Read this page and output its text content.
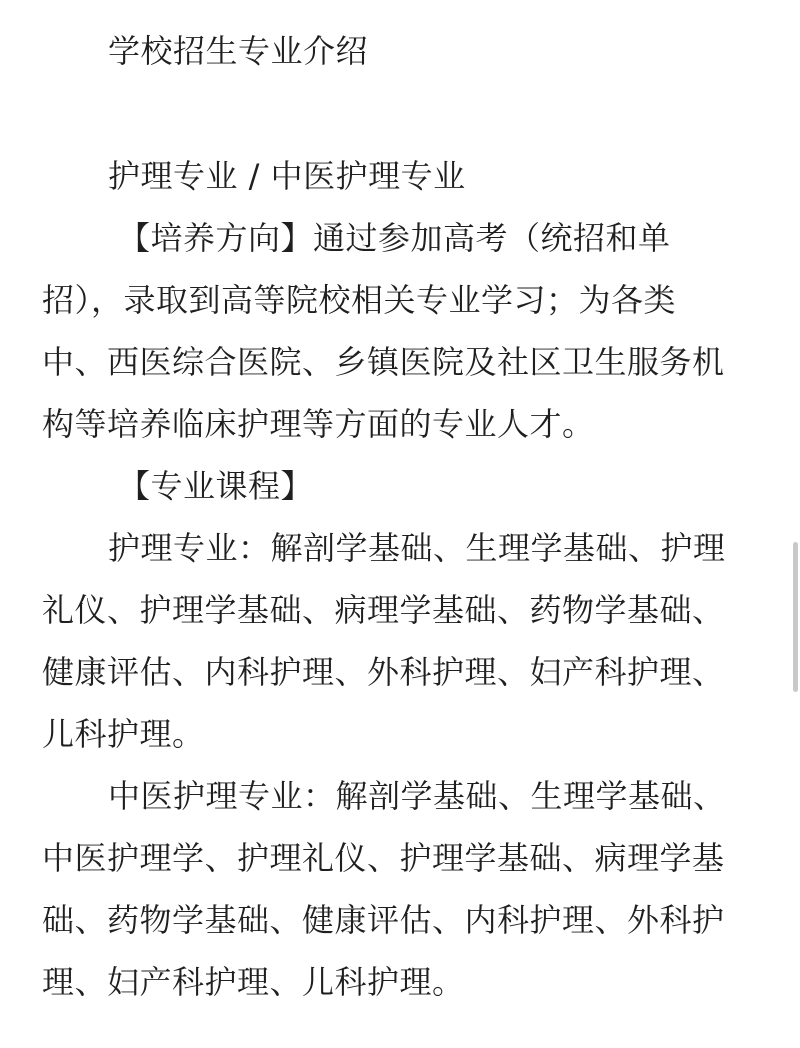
学校招生专业介绍
护理专业 / 中医护理专业
【培养方向】通过参加高考（统招和单
招），录取到高等院校相关专业学习；为各类
中、西医综合医院、乡镇医院及社区卫生服务机
构等培养临床护理等方面的专业人才。
【专业课程】
护理专业：解剖学基础、生理学基础、护理
礼仪、护理学基础、病理学基础、药物学基础、
健康评估、内科护理、外科护理、妇产科护理、
儿科护理。
中医护理专业：解剖学基础、生理学基础、
中医护理学、护理礼仪、护理学基础、病理学基
础、药物学基础、健康评估、内科护理、外科护
理、妇产科护理、儿科护理。
